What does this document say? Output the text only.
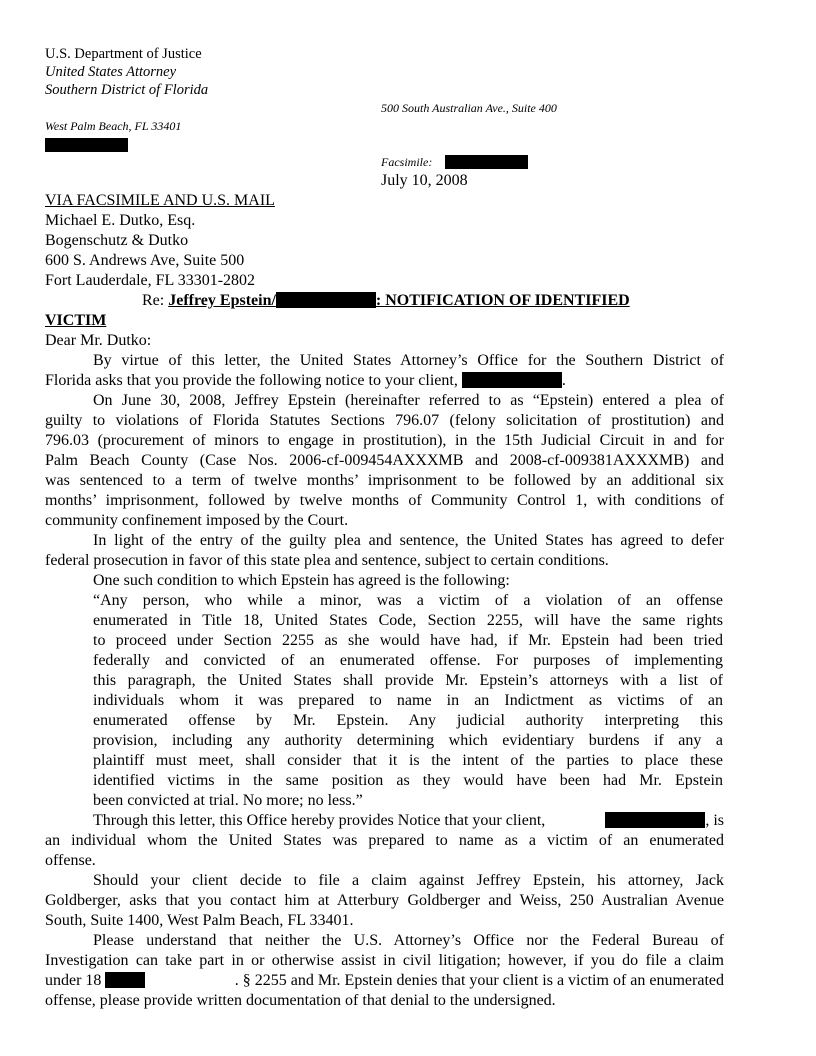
U.S. Department of Justice
United States Attorney
Southern District of Florida
500 South Australian Ave., Suite 400
West Palm Beach, FL 33401
Facsimile:
July 10, 2008

VIA FACSIMILE AND U.S. MAIL

Michael E. Dutko, Esq.

Bogenschutz & Dutko

600 S. Andrews Ave, Suite 500

Fort Lauderdale, FL 33301-2802

Re: Jeffrey Epstein/	: NOTIFICATION OF IDENTIFIED

VICTIM

Dear Mr. Dutko:

By virtue of this letter, the United States Attorney’s Office for the Southern District of

Florida asks that you provide the following notice to your client,	.

On June 30, 2008, Jeffrey Epstein (hereinafter referred to as “Epstein) entered a plea of

guilty to violations of Florida Statutes Sections 796.07 (felony solicitation of prostitution) and

796.03 (procurement of minors to engage in prostitution), in the 15th Judicial Circuit in and for

Palm Beach County (Case Nos. 2006-cf-009454AXXXMB and 2008-cf-009381AXXXMB) and

was sentenced to a term of twelve months’ imprisonment to be followed by an additional six

months’ imprisonment, followed by twelve months of Community Control 1, with conditions of

community confinement imposed by the Court.

In light of the entry of the guilty plea and sentence, the United States has agreed to defer

federal prosecution in favor of this state plea and sentence, subject to certain conditions.

One such condition to which Epstein has agreed is the following:

“Any person, who while a minor, was a victim of a violation of an offense

enumerated in Title 18, United States Code, Section 2255, will have the same rights

to proceed under Section 2255 as she would have had, if Mr. Epstein had been tried

federally and convicted of an enumerated offense. For purposes of implementing

this paragraph, the United States shall provide Mr. Epstein’s attorneys with a list of

individuals whom it was prepared to name in an Indictment as victims of an

enumerated offense by Mr. Epstein. Any judicial authority interpreting this

provision, including any authority determining which evidentiary burdens if any a

plaintiff must meet, shall consider that it is the intent of the parties to place these

identified victims in the same position as they would have been had Mr. Epstein

been convicted at trial. No more; no less.”

Through this letter, this Office hereby provides Notice that your client,	, is

an individual whom the United States was prepared to name as a victim of an enumerated

offense.

Should your client decide to file a claim against Jeffrey Epstein, his attorney, Jack

Goldberger, asks that you contact him at Atterbury Goldberger and Weiss, 250 Australian Avenue

South, Suite 1400, West Palm Beach, FL 33401.

Please understand that neither the U.S. Attorney’s Office nor the Federal Bureau of

Investigation can take part in or otherwise assist in civil litigation; however, if you do file a claim

under 18	. § 2255 and Mr. Epstein denies that your client is a victim of an enumerated

offense, please provide written documentation of that denial to the undersigned.
